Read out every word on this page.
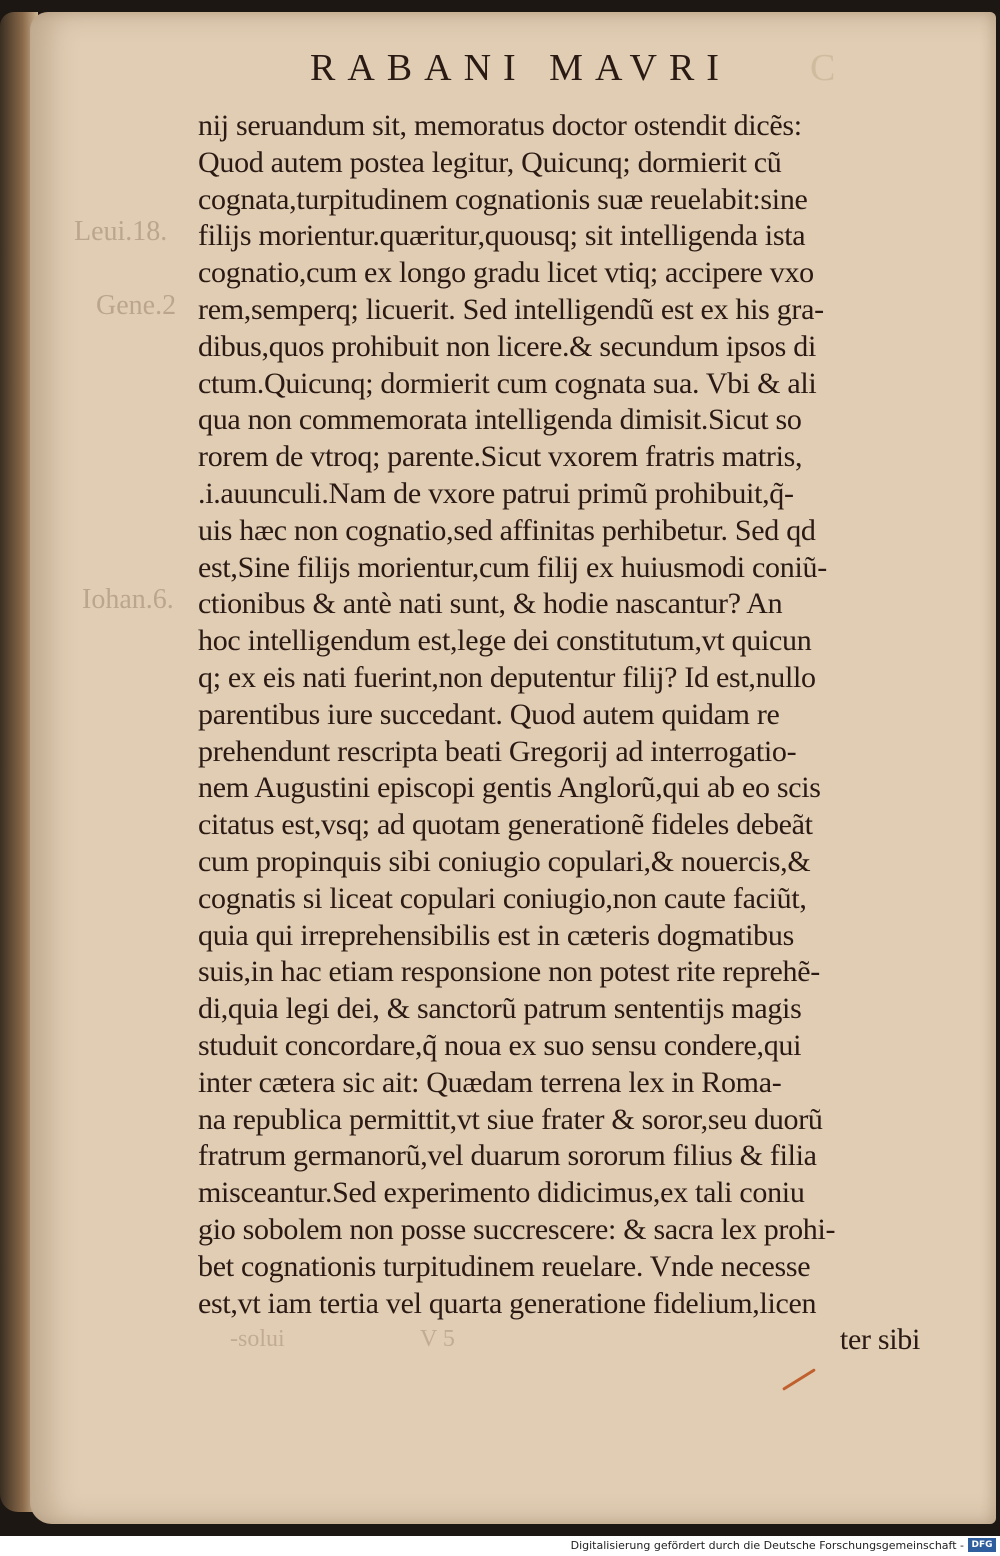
RABANI MAVRI	C
Leui.18.
Gene.2
Iohan.6.
nij seruandum sit, memoratus doctor ostendit dicẽs:
Quod autem postea legitur, Quicunq; dormierit cũ
cognata,turpitudinem cognationis suæ reuelabit:sine
filijs morientur.quæritur,quousq; sit intelligenda ista
cognatio,cum ex longo gradu licet vtiq; accipere vxo
rem,semperq; licuerit. Sed intelligendũ est ex his gra-
dibus,quos prohibuit non licere.& secundum ipsos di
ctum.Quicunq; dormierit cum cognata sua. Vbi & ali
qua non commemorata intelligenda dimisit.Sicut so
rorem de vtroq; parente.Sicut vxorem fratris matris,
.i.auunculi.Nam de vxore patrui primũ prohibuit,q̃-
uis hæc non cognatio,sed affinitas perhibetur. Sed qd
est,Sine filijs morientur,cum filij ex huiusmodi coniũ-
ctionibus & antè nati sunt, & hodie nascantur? An
hoc intelligendum est,lege dei constitutum,vt quicun
q; ex eis nati fuerint,non deputentur filij? Id est,nullo
parentibus iure succedant. Quod autem quidam re
prehendunt rescripta beati Gregorij ad interrogatio-
nem Augustini episcopi gentis Anglorũ,qui ab eo scis
citatus est,vsq; ad quotam generationẽ fideles debeãt
cum propinquis sibi coniugio copulari,& nouercis,&
cognatis si liceat copulari coniugio,non caute faciũt,
quia qui irreprehensibilis est in cæteris dogmatibus
suis,in hac etiam responsione non potest rite reprehẽ-
di,quia legi dei, & sanctorũ patrum sententijs magis
studuit concordare,q̃ noua ex suo sensu condere,qui
inter cætera sic ait: Quædam terrena lex in Roma-
na republica permittit,vt siue frater & soror,seu duorũ
fratrum germanorũ,vel duarum sororum filius & filia
misceantur.Sed experimento didicimus,ex tali coniu
gio sobolem non posse succrescere: & sacra lex prohi-
bet cognationis turpitudinem reuelare. Vnde necesse
est,vt iam tertia vel quarta generatione fidelium,licen
ter sibi
-solui	V 5
Digitalisierung gefördert durch die Deutsche Forschungsgemeinschaft - DFG
